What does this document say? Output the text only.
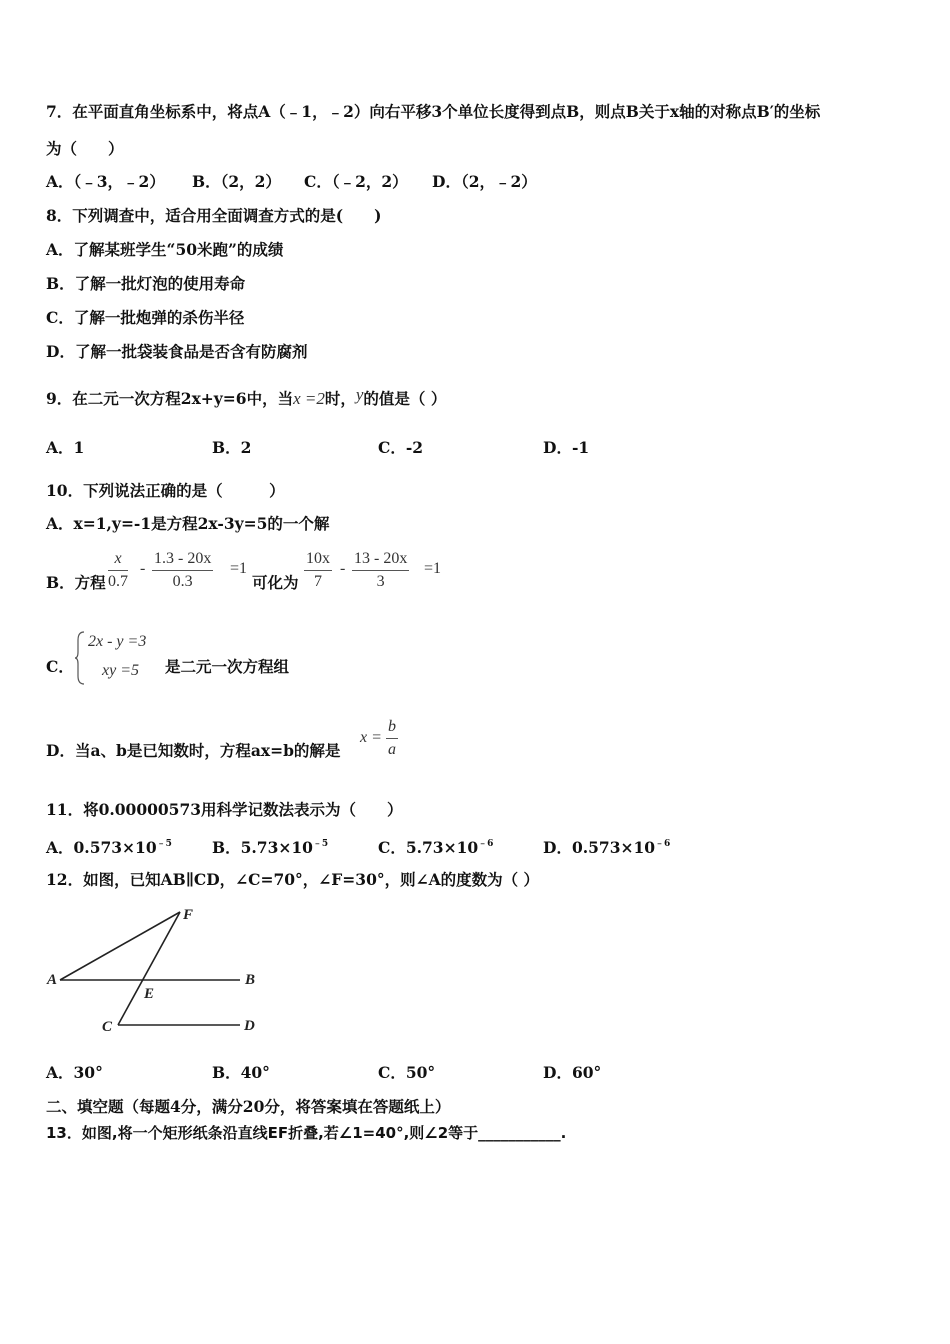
7．在平面直角坐标系中，将点A（﹣1，﹣2）向右平移3个单位长度得到点B，则点B关于x轴的对称点B′的坐标
为（　　）
A．（﹣3，﹣2） B．（2，2） C．（﹣2，2） D．（2，﹣2）
8．下列调查中，适合用全面调查方式的是(　　)
A．了解某班学生“50米跑”的成绩
B．了解一批灯泡的使用寿命
C．了解一批炮弹的杀伤半径
D．了解一批袋装食品是否含有防腐剂
9．在二元一次方程2x+y=6中，当x =2时，y的值是（ ）
A．1	B．2	C．-2	D．-1
10．下列说法正确的是（　　　）
A．x=1,y=-1是方程2x-3y=5的一个解
B．方程 $\frac{x}{0.7} - \frac{1.3 - 20x}{0.3} =1$
可化为 $\frac{10x}{7} - \frac{13 - 20x}{3} =1$
C．
2x - y =3
xy =5 是二元一次方程组
D．当a、b是已知数时，方程ax=b的解是
$x = \frac{b}{a}$
11．将0.00000573用科学记数法表示为（　　）
A．$0.573\times 10^{﹣5}$	B．$5.73\times 10^{﹣5}$	C．$5.73\times 10^{﹣6}$	D．$0.573\times 10^{﹣6}$
12．如图，已知AB∥CD，∠C=70°，∠F=30°，则∠A的度数为（ ）
A	B
C	D
E
F
A．30°	B．40°	C．50°	D．60°
二、填空题（每题4分，满分20分，将答案填在答题纸上）
13．如图,将一个矩形纸条沿直线EF折叠,若∠1=40°,则∠2等于___________.
